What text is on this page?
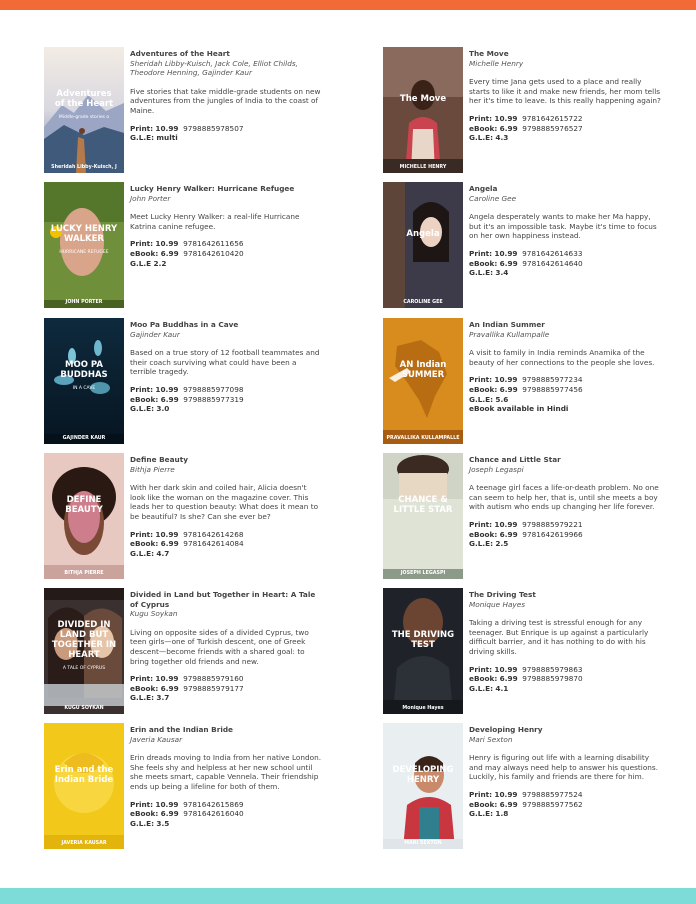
Adventures
of the Heart
Middle-grade stories o
Sheridah Libby-Kuisch, J
Adventures of the Heart
Sheridah Libby-Kuisch, Jack Cole, Elliot Childs, Theodore Henning, Gajinder Kaur
Five stories that take middle-grade students on new adventures from the jungles of India to the coast of Maine.
Print: 10.99 9798885978507
G.L.E: multi
The Move
MICHELLE HENRY
The Move
Michelle Henry
Every time Jana gets used to a place and really starts to like it and make new friends, her mom tells her it's time to leave. Is this really happening again?
Print: 10.99 9781642615722
eBook: 6.99 9798885976527
G.L.E: 4.3
LUCKY HENRY
WALKER
HURRICANE REFUGEE
JOHN PORTER
Lucky Henry Walker: Hurricane Refugee
John Porter
Meet Lucky Henry Walker: a real-life Hurricane Katrina canine refugee.
Print: 10.99 9781642611656
eBook: 6.99 9781642610420
G.L.E 2.2
Angela
CAROLINE GEE
Angela
Caroline Gee
Angela desperately wants to make her Ma happy, but it's an impossible task. Maybe it's time to focus on her own happiness instead.
Print: 10.99 9781642614633
eBook: 6.99 9781642614640
G.L.E: 3.4
MOO PA
BUDDHAS
IN A CAVE
GAJINDER KAUR
Moo Pa Buddhas in a Cave
Gajinder Kaur
Based on a true story of 12 football teammates and their coach surviving what could have been a terrible tragedy.
Print: 10.99 9798885977098
eBook: 6.99 9798885977319
G.L.E: 3.0
AN Indian
SUMMER
PRAVALLIKA KULLAMPALLE
An Indian Summer
Pravallika Kullampalle
A visit to family in India reminds Anamika of the beauty of her connections to the people she loves.
Print: 10.99 9798885977234
eBook: 6.99 9798885977456
G.L.E: 5.6
eBook available in Hindi
DEFINE
BEAUTY
BITHJA PIERRE
Define Beauty
Bithja Pierre
With her dark skin and coiled hair, Alicia doesn't look like the woman on the magazine cover. This leads her to question beauty: What does it mean to be beautiful? Is she? Can she ever be?
Print: 10.99 9781642614268
eBook: 6.99 9781642614084
G.L.E: 4.7
CHANCE &
LITTLE STAR
JOSEPH LEGASPI
Chance and Little Star
Joseph Legaspi
A teenage girl faces a life-or-death problem. No one can seem to help her, that is, until she meets a boy with autism who ends up changing her life forever.
Print: 10.99 9798885979221
eBook: 6.99 9781642619966
G.L.E: 2.5
DIVIDED IN
LAND BUT
TOGETHER IN
HEART
A TALE OF CYPRUS
KUGU SOYKAN
Divided in Land but Together in Heart: A Tale of Cyprus
Kugu Soykan
Living on opposite sides of a divided Cyprus, two teen girls—one of Turkish descent, one of Greek descent—become friends with a shared goal: to bring together old friends and new.
Print: 10.99 9798885979160
eBook: 6.99 9798885979177
G.L.E: 3.7
THE DRIVING
TEST
Monique Hayes
The Driving Test
Monique Hayes
Taking a driving test is stressful enough for any teenager. But Enrique is up against a particularly difficult barrier, and it has nothing to do with his driving skills.
Print: 10.99 9798885979863
eBook: 6.99 9798885979870
G.L.E: 4.1
Erin and the
Indian Bride
JAVERIA KAUSAR
Erin and the Indian Bride
Javeria Kausar
Erin dreads moving to India from her native London. She feels shy and helpless at her new school until she meets smart, capable Vennela. Their friendship ends up being a lifeline for both of them.
Print: 10.99 9781642615869
eBook: 6.99 9781642616040
G.L.E: 3.5
DEVELOPING
HENRY
MARI SEXTON
Developing Henry
Mari Sexton
Henry is figuring out life with a learning disability and may always need help to answer his questions. Luckily, his family and friends are there for him.
Print: 10.99 9798885977524
eBook: 6.99 9798885977562
G.L.E: 1.8
